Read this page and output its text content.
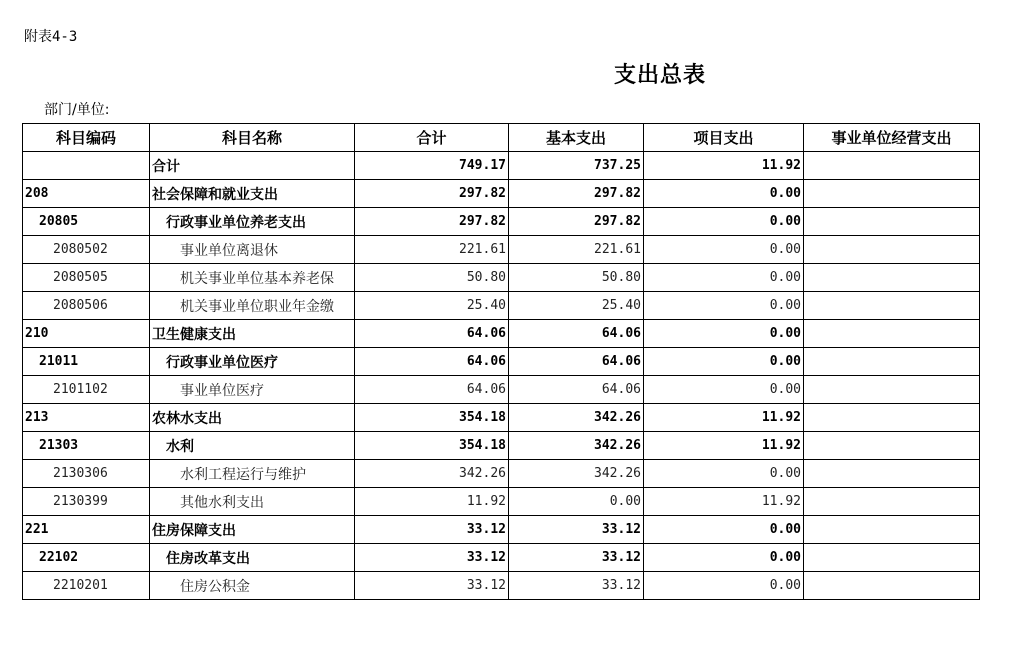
附表4-3
支出总表
部门/单位:
科目编码	科目名称	合计	基本支出	项目支出	事业单位经营支出
	合计	749.17	737.25	11.92	
208	社会保障和就业支出	297.82	297.82	0.00	
20805	行政事业单位养老支出	297.82	297.82	0.00	
2080502	事业单位离退休	221.61	221.61	0.00	
2080505	机关事业单位基本养老保	50.80	50.80	0.00	
2080506	机关事业单位职业年金缴	25.40	25.40	0.00	
210	卫生健康支出	64.06	64.06	0.00	
21011	行政事业单位医疗	64.06	64.06	0.00	
2101102	事业单位医疗	64.06	64.06	0.00	
213	农林水支出	354.18	342.26	11.92	
21303	水利	354.18	342.26	11.92	
2130306	水利工程运行与维护	342.26	342.26	0.00	
2130399	其他水利支出	11.92	0.00	11.92	
221	住房保障支出	33.12	33.12	0.00	
22102	住房改革支出	33.12	33.12	0.00	
2210201	住房公积金	33.12	33.12	0.00	
